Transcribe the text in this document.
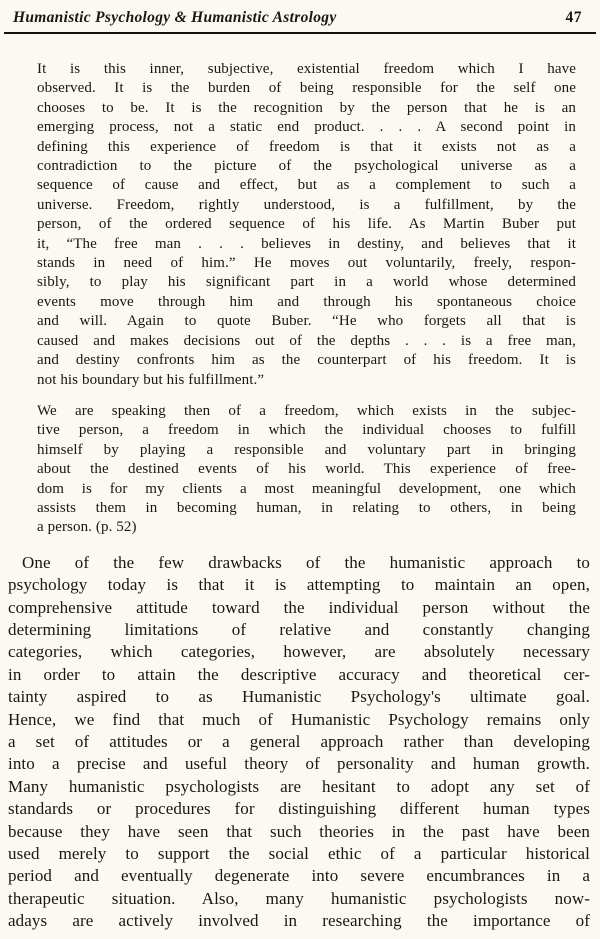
Humanistic Psychology & Humanistic Astrology	47
It is this inner, subjective, existential freedom which I have
observed. It is the burden of being responsible for the self one
chooses to be. It is the recognition by the person that he is an
emerging process, not a static end product. . . . A second point in
defining this experience of freedom is that it exists not as a
contradiction to the picture of the psychological universe as a
sequence of cause and effect, but as a complement to such a
universe. Freedom, rightly understood, is a fulfillment, by the
person, of the ordered sequence of his life. As Martin Buber put
it, “The free man . . . believes in destiny, and believes that it
stands in need of him.” He moves out voluntarily, freely, respon-
sibly, to play his significant part in a world whose determined
events move through him and through his spontaneous choice
and will. Again to quote Buber. “He who forgets all that is
caused and makes decisions out of the depths . . . is a free man,
and destiny confronts him as the counterpart of his freedom. It is
not his boundary but his fulfillment.”
We are speaking then of a freedom, which exists in the subjec-
tive person, a freedom in which the individual chooses to fulfill
himself by playing a responsible and voluntary part in bringing
about the destined events of his world. This experience of free-
dom is for my clients a most meaningful development, one which
assists them in becoming human, in relating to others, in being
a person. (p. 52)
One of the few drawbacks of the humanistic approach to
psychology today is that it is attempting to maintain an open,
comprehensive attitude toward the individual person without the
determining limitations of relative and constantly changing
categories, which categories, however, are absolutely necessary
in order to attain the descriptive accuracy and theoretical cer-
tainty aspired to as Humanistic Psychology's ultimate goal.
Hence, we find that much of Humanistic Psychology remains only
a set of attitudes or a general approach rather than developing
into a precise and useful theory of personality and human growth.
Many humanistic psychologists are hesitant to adopt any set of
standards or procedures for distinguishing different human types
because they have seen that such theories in the past have been
used merely to support the social ethic of a particular historical
period and eventually degenerate into severe encumbrances in a
therapeutic situation. Also, many humanistic psychologists now-
adays are actively involved in researching the importance of
